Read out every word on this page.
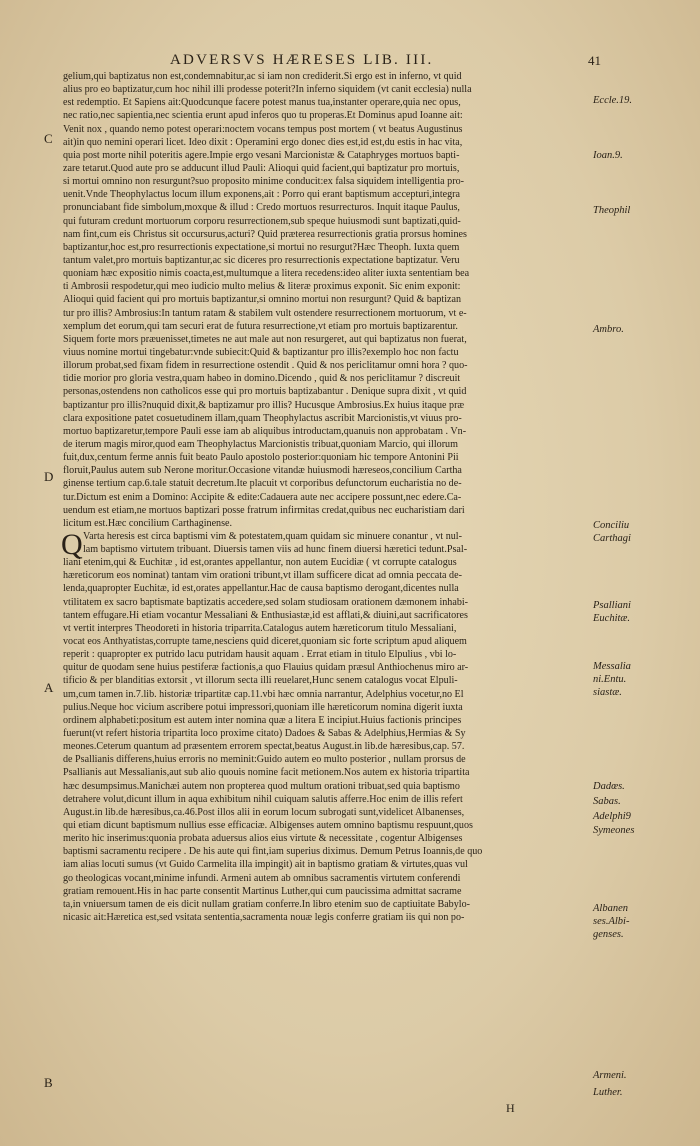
ADVERSVS HÆRESES LIB. III.	41
gelium,qui baptizatus non est,condemnabitur,ac si iam non crediderit.Si ergo est in inferno, vt quid
alius pro eo baptizatur,cum hoc nihil illi prodesse poterit?In inferno siquidem (vt canit ecclesia) nulla
est redemptio. Et Sapiens ait:Quodcunque facere potest manus tua,instanter operare,quia nec opus,
nec ratio,nec sapientia,nec scientia erunt apud inferos quo tu properas.Et Dominus apud Ioanne ait:
Venit nox , quando nemo potest operari:noctem vocans tempus post mortem ( vt beatus Augustinus
ait)in quo nemini operari licet. Ideo dixit : Operamini ergo donec dies est,id est,du estis in hac vita,
quia post morte nihil poteritis agere.Impie ergo vesani Marcionistæ & Cataphryges mortuos bapti-
zare tetarut.Quod aute pro se adducunt illud Pauli: Alioqui quid facient,qui baptizatur pro mortuis,
si mortui omnino non resurgunt?suo proposito minime conducit:ex falsa siquidem intelligentia pro-
uenit.Vnde Theophylactus locum illum exponens,ait : Porro qui erant baptismum accepturi,integra
pronunciabant fide simbolum,moxque & illud : Credo mortuos resurrecturos. Inquit itaque Paulus,
qui futuram credunt mortuorum corporu resurrectionem,sub speque huiusmodi sunt baptizati,quid-
nam fint,cum eis Christus sit occursurus,acturi? Quid præterea resurrectionis gratia prorsus homines
baptizantur,hoc est,pro resurrectionis expectatione,si mortui no resurgut?Hæc Theoph. Iuxta quem
tantum valet,pro mortuis baptizantur,ac sic diceres pro resurrectionis expectatione baptizatur. Veru
quoniam hæc expositio nimis coacta,est,multumque a litera recedens:ideo aliter iuxta sententiam bea
ti Ambrosii respodetur,qui meo iudicio multo melius & literæ proximus exponit. Sic enim exponit:
Alioqui quid facient qui pro mortuis baptizantur,si omnino mortui non resurgunt? Quid & baptizan
tur pro illis? Ambrosius:In tantum ratam & stabilem vult ostendere resurrectionem mortuorum, vt e-
xemplum det eorum,qui tam securi erat de futura resurrectione,vt etiam pro mortuis baptizarentur.
Siquem forte mors præuenisset,timetes ne aut male aut non resurgeret, aut qui baptizatus non fuerat,
viuus nomine mortui tingebatur:vnde subiecit:Quid & baptizantur pro illis?exemplo hoc non factu
illorum probat,sed fixam fidem in resurrectione ostendit . Quid & nos periclitamur omni hora ? quo-
tidie morior pro gloria vestra,quam habeo in domino.Dicendo , quid & nos periclitamur ? discreuit
personas,ostendens non catholicos esse qui pro mortuis baptizabantur . Denique supra dixit , vt quid
baptizantur pro illis?nuquid dixit,& baptizamur pro illis? Hucusque Ambrosius.Ex huius itaque præ
clara expositione patet cosuetudinem illam,quam Theophylactus ascribit Marcionistis,vt viuus pro-
mortuo baptizaretur,tempore Pauli esse iam ab aliquibus introductam,quanuis non approbatam . Vn-
de iterum magis miror,quod eam Theophylactus Marcionistis tribuat,quoniam Marcio, qui illorum
fuit,dux,centum ferme annis fuit beato Paulo apostolo posterior:quoniam hic tempore Antonini Pii
floruit,Paulus autem sub Nerone moritur.Occasione vitandæ huiusmodi hæreseos,concilium Cartha
ginense tertium cap.6.tale statuit decretum.Ite placuit vt corporibus defunctorum eucharistia no de-
tur.Dictum est enim a Domino: Accipite & edite:Cadauera aute nec accipere possunt,nec edere.Ca-
uendum est etiam,ne mortuos baptizari posse fratrum infirmitas credat,quibus nec eucharistiam dari
licitum est.Hæc concilium Carthaginense.
Q Varta heresis est circa baptismi vim & potestatem,quam quidam sic minuere conantur , vt nul-
lam baptismo virtutem tribuant. Diuersis tamen viis ad hunc finem diuersi hæretici tedunt.Psal-
liani etenim,qui & Euchitæ , id est,orantes appellantur, non autem Eucidiæ ( vt corrupte catalogus
hæreticorum eos nominat) tantam vim orationi tribunt,vt illam sufficere dicat ad omnia peccata de-
lenda,quapropter Euchitæ, id est,orates appellantur.Hac de causa baptismo derogant,dicentes nulla
vtilitatem ex sacro baptismate baptizatis accedere,sed solam studiosam orationem dæmonem inhabi-
tantem effugare.Hi etiam vocantur Messaliani & Enthusiastæ,id est afflati,& diuini,aut sacrificatores
vt vertit interpres Theodoreti in historia triparrita.Catalogus autem hæreticorum titulo Messaliani,
vocat eos Anthyatistas,corrupte tame,nesciens quid diceret,quoniam sic forte scriptum apud aliquem
reperit : quapropter ex putrido lacu putridam hausit aquam . Errat etiam in titulo Elpulius , vbi lo-
quitur de quodam sene huius pestiferæ factionis,a quo Flauius quidam præsul Anthiochenus miro ar-
tificio & per blanditias extorsit , vt illorum secta illi reuelaret,Hunc senem catalogus vocat Elpuli-
um,cum tamen in.7.lib. historiæ tripartitæ cap.11.vbi hæc omnia narrantur, Adelphius vocetur,no El
pulius.Neque hoc vicium ascribere potui impressori,quoniam ille hæreticorum nomina digerit iuxta
ordinem alphabeti:positum est autem inter nomina quæ a litera E incipiut.Huius factionis principes
fuerunt(vt refert historia tripartita loco proxime citato) Dadoes & Sabas & Adelphius,Hermias & Sy
meones.Ceterum quantum ad præsentem errorem spectat,beatus August.in lib.de hæresibus,cap. 57.
de Psallianis differens,huius erroris no meminit:Guido autem eo multo posterior , nullam prorsus de
Psallianis aut Messalianis,aut sub alio quouis nomine facit metionem.Nos autem ex historia tripartita
hæc desumpsimus.Manichæi autem non propterea quod multum orationi tribuat,sed quia baptismo
detrahere volut,dicunt illum in aqua exhibitum nihil cuiquam salutis afferre.Hoc enim de illis refert
August.in lib.de hæresibus,ca.46.Post illos alii in eorum locum subrogati sunt,videlicet Albanenses,
qui etiam dicunt baptismum nullius esse efficaciæ. Albigenses autem omnino baptismu respuunt,quos
merito hic inserimus:quonia probata aduersus alios eius virtute & necessitate , cogentur Albigenses
baptismi sacramentu recipere . De his aute qui fint,iam superius diximus. Demum Petrus Ioannis,de quo
iam alias locuti sumus (vt Guido Carmelita illa impingit) ait in baptismo gratiam & virtutes,quas vul
go theologicas vocant,minime infundi. Armeni autem ab omnibus sacramentis virtutem conferendi
gratiam remouent.His in hac parte consentit Martinus Luther,qui cum paucissima admittat sacrame
ta,in vniuersum tamen de eis dicit nullam gratiam conferre.In libro etenim suo de captiuitate Babylo-
nicasic ait:Hæretica est,sed vsitata sententia,sacramenta nouæ legis conferre gratiam iis qui non po-
C
D
A
B
Eccle.19.
Ioan.9.
Theophil
Ambro.
Conciliu
Carthagi
Psalliani
Euchitæ.
Messalia
ni.Entu.
siastæ.
Dadœs.
Sabas.
Adelphi9
Symeones
Albanen
ses.Albi-
genses.
Armeni.
Luther.
H
